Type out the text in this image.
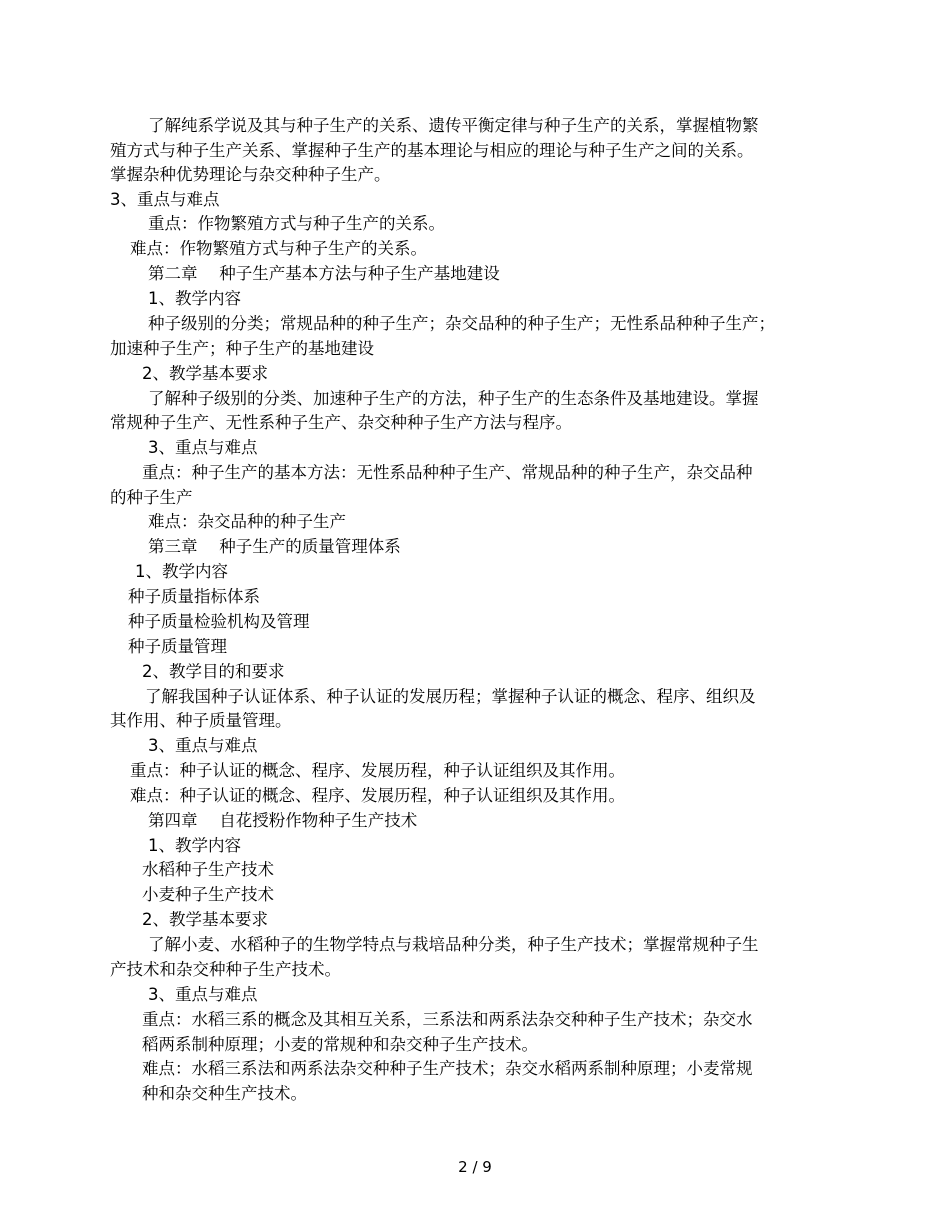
了解纯系学说及其与种子生产的关系、遗传平衡定律与种子生产的关系，掌握植物繁
殖方式与种子生产关系、掌握种子生产的基本理论与相应的理论与种子生产之间的关系。
掌握杂种优势理论与杂交种种子生产。
3、重点与难点
重点：作物繁殖方式与种子生产的关系。
难点：作物繁殖方式与种子生产的关系。
第二章　 种子生产基本方法与种子生产基地建设
1、教学内容
种子级别的分类；常规品种的种子生产；杂交品种的种子生产；无性系品种种子生产；
加速种子生产；种子生产的基地建设
2、教学基本要求
了解种子级别的分类、加速种子生产的方法，种子生产的生态条件及基地建设。掌握
常规种子生产、无性系种子生产、杂交种种子生产方法与程序。
3、重点与难点
重点：种子生产的基本方法：无性系品种种子生产、常规品种的种子生产，杂交品种
的种子生产
难点：杂交品种的种子生产
第三章　 种子生产的质量管理体系
1、教学内容
种子质量指标体系
种子质量检验机构及管理
种子质量管理
2、教学目的和要求
了解我国种子认证体系、种子认证的发展历程；掌握种子认证的概念、程序、组织及
其作用、种子质量管理。
3、重点与难点
重点：种子认证的概念、程序、发展历程，种子认证组织及其作用。
难点：种子认证的概念、程序、发展历程，种子认证组织及其作用。
第四章　 自花授粉作物种子生产技术
1、教学内容
水稻种子生产技术
小麦种子生产技术
2、教学基本要求
了解小麦、水稻种子的生物学特点与栽培品种分类，种子生产技术；掌握常规种子生
产技术和杂交种种子生产技术。
3、重点与难点
重点：水稻三系的概念及其相互关系，三系法和两系法杂交种种子生产技术；杂交水
稻两系制种原理；小麦的常规种和杂交种子生产技术。
难点：水稻三系法和两系法杂交种种子生产技术；杂交水稻两系制种原理；小麦常规
种和杂交种生产技术。
2 / 9
